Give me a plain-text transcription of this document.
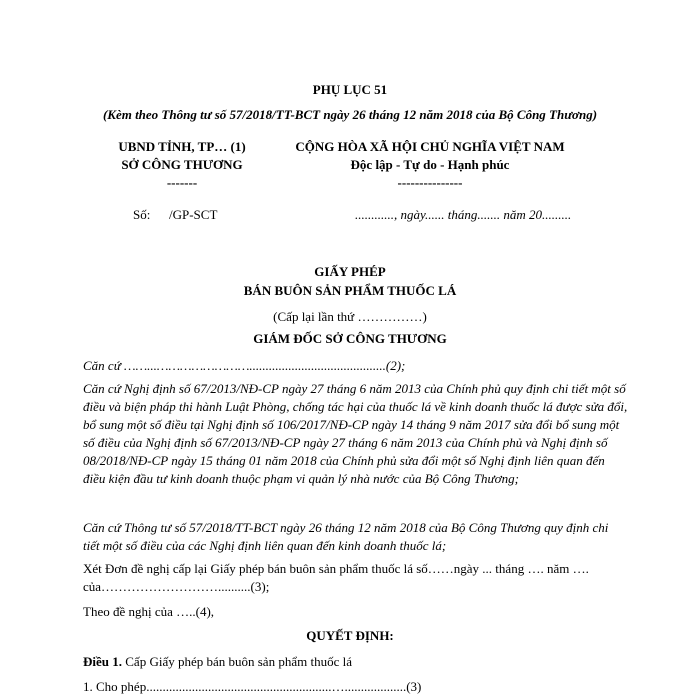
PHỤ LỤC 51
(Kèm theo Thông tư số 57/2018/TT-BCT ngày 26 tháng 12 năm 2018 của Bộ Công Thương)
UBND TỈNH, TP… (1)
SỞ CÔNG THƯƠNG
-------
CỘNG HÒA XÃ HỘI CHỦ NGHĨA VIỆT NAM
Độc lập - Tự do - Hạnh phúc
---------------
Số: /GP-SCT	............, ngày...... tháng....... năm 20.........
GIẤY PHÉP
BÁN BUÔN SẢN PHẨM THUỐC LÁ
(Cấp lại lần thứ ……………)
GIÁM ĐỐC SỞ CÔNG THƯƠNG
Căn cứ ……...……………………..........................................(2);
Căn cứ Nghị định số 67/2013/NĐ-CP ngày 27 tháng 6 năm 2013 của Chính phủ quy định chi tiết một số điều và biện pháp thi hành Luật Phòng, chống tác hại của thuốc lá về kinh doanh thuốc lá được sửa đổi, bổ sung một số điều tại Nghị định số 106/2017/NĐ-CP ngày 14 tháng 9 năm 2017 sửa đổi bổ sung một số điều của Nghị định số 67/2013/NĐ-CP ngày 27 tháng 6 năm 2013 của Chính phủ và Nghị định số 08/2018/NĐ-CP ngày 15 tháng 01 năm 2018 của Chính phủ sửa đổi một số Nghị định liên quan đến điều kiện đầu tư kinh doanh thuộc phạm vi quản lý nhà nước của Bộ Công Thương;
Căn cứ Thông tư số 57/2018/TT-BCT ngày 26 tháng 12 năm 2018 của Bộ Công Thương quy định chi tiết một số điều của các Nghị định liên quan đến kinh doanh thuốc lá;
Xét Đơn đề nghị cấp lại Giấy phép bán buôn sản phẩm thuốc lá số……ngày ... tháng …. năm …. của………………………..........(3);
Theo đề nghị của …..(4),
QUYẾT ĐỊNH:
Điều 1. Cấp Giấy phép bán buôn sản phẩm thuốc lá
1. Cho phép.........................................................…...................(3)
